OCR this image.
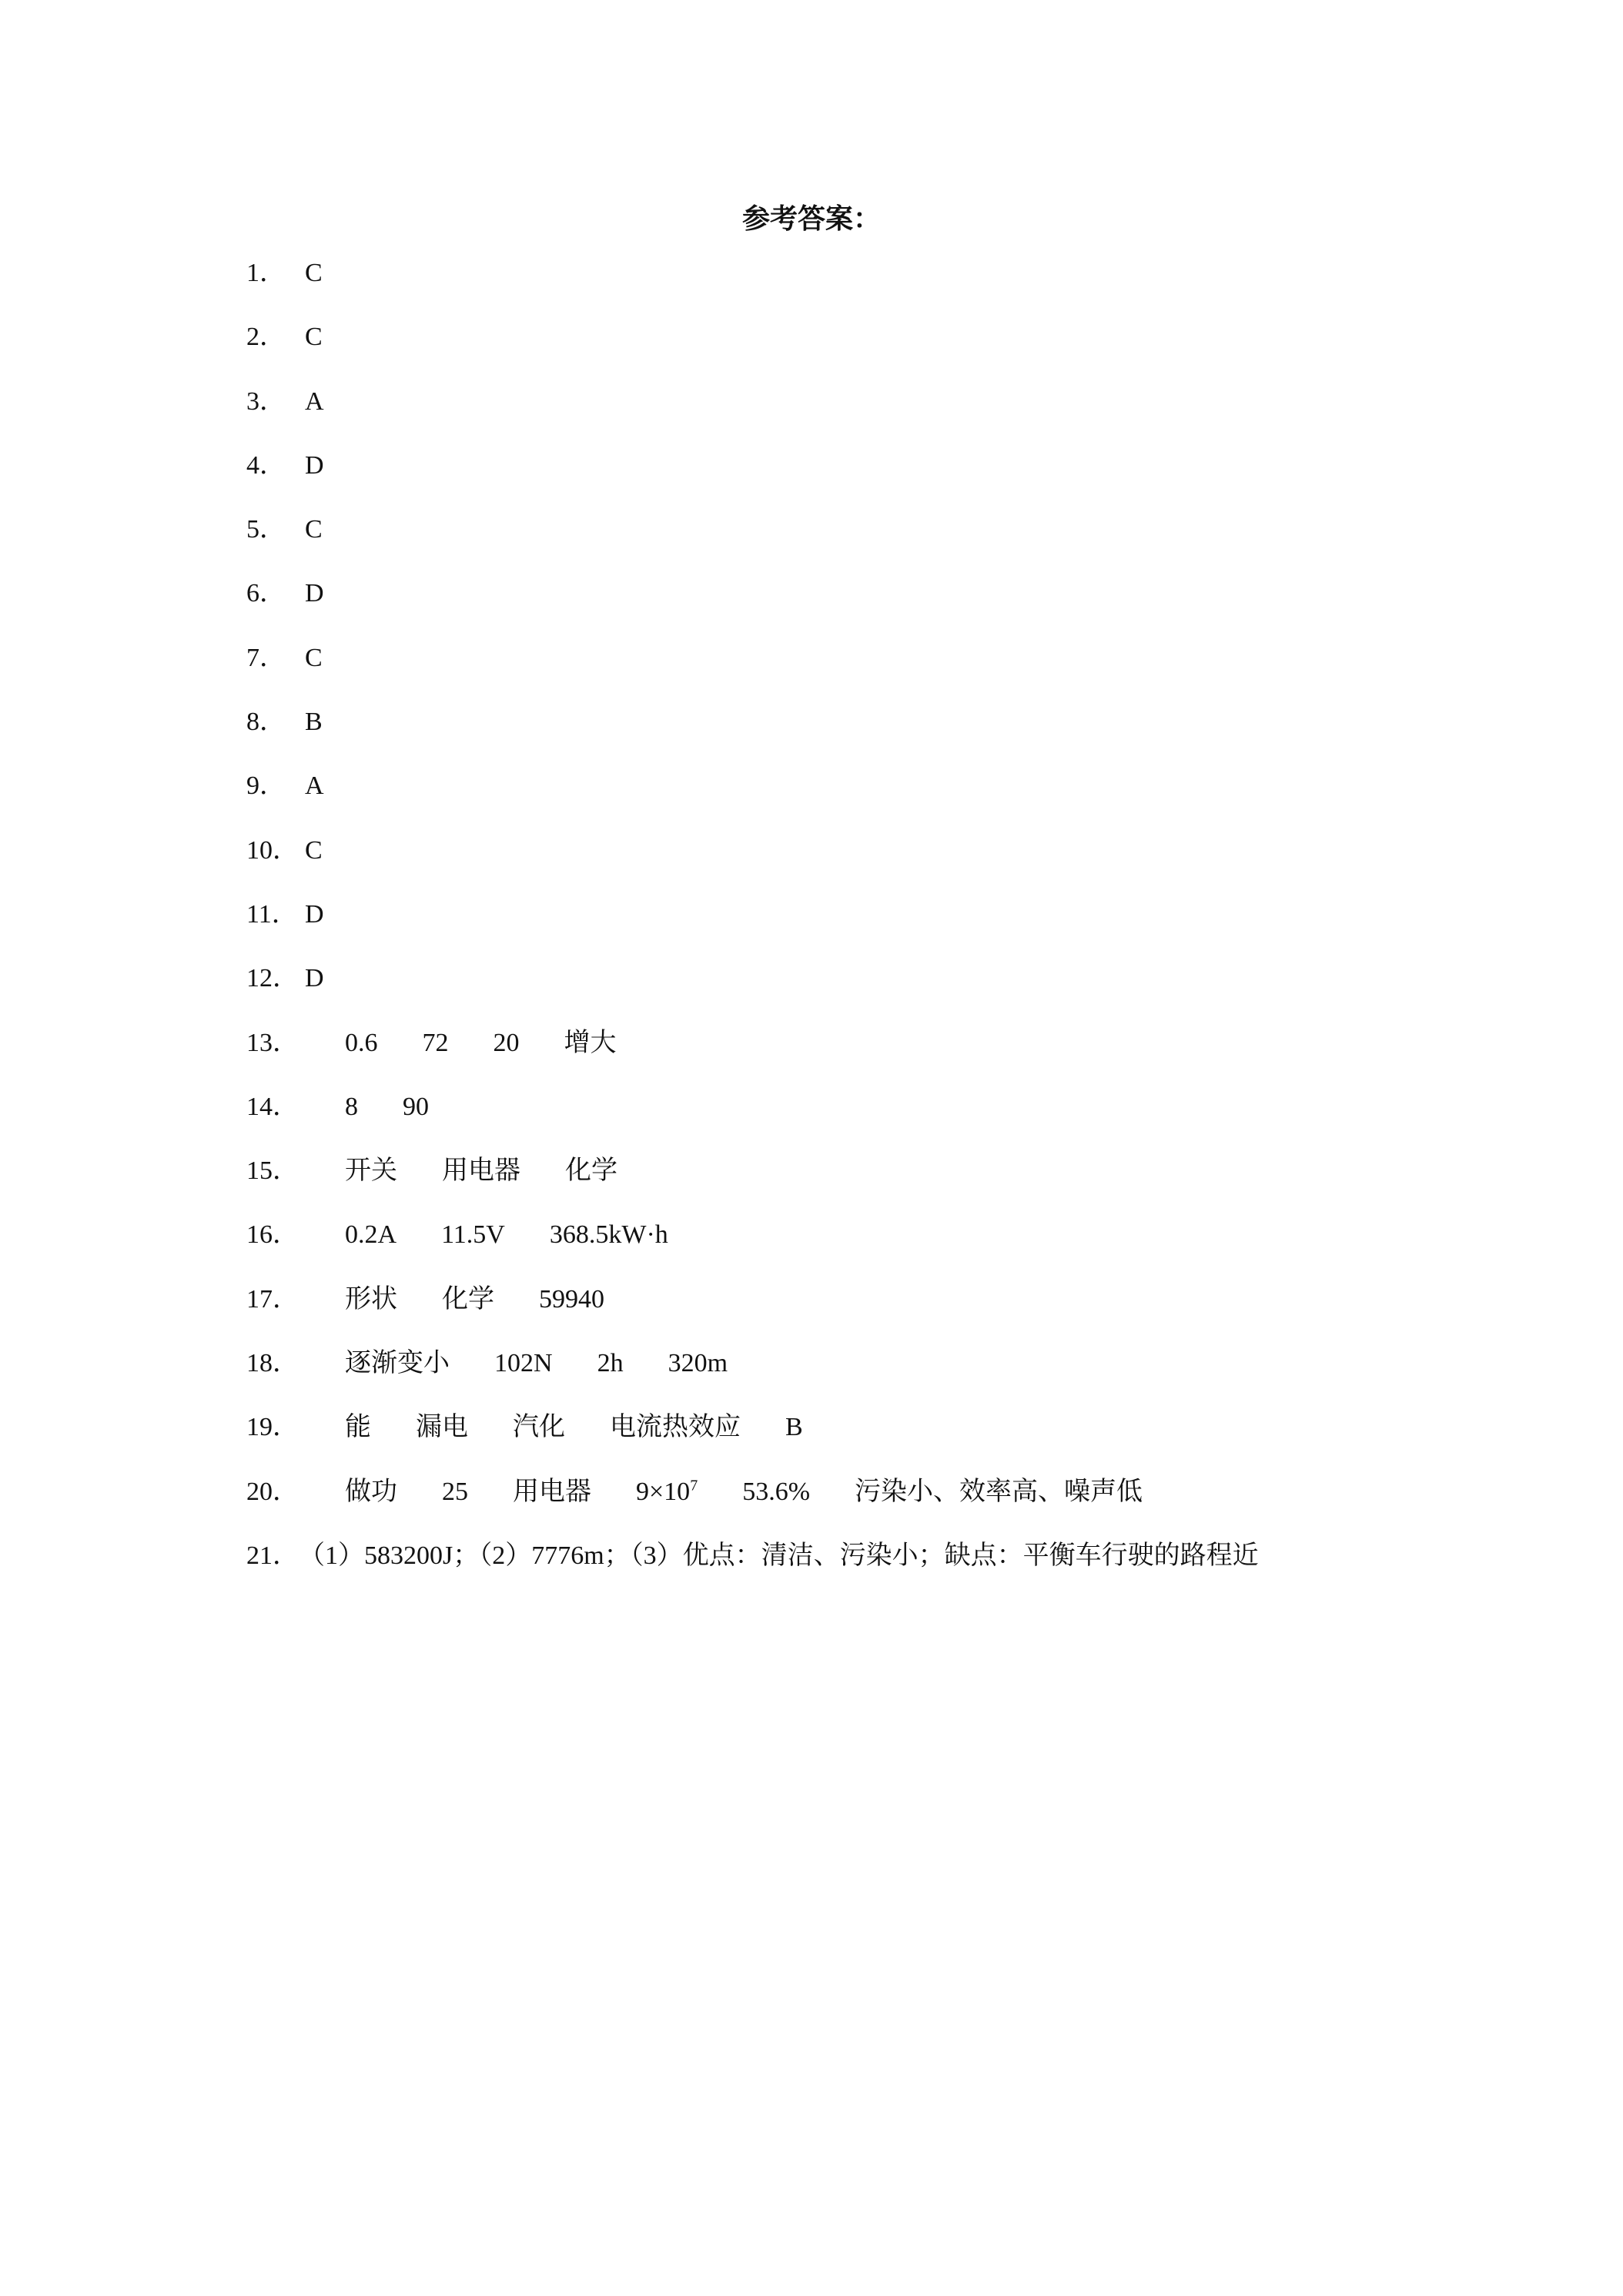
参考答案：
1． C
2． C
3． A
4． D
5． C
6． D
7． C
8． B
9． A
10． C
11． D
12． D
13．	0.6 72 20 增大
14．	8 90
15．	开关 用电器 化学
16．	0.2A 11.5V 368.5kW·h
17．	形状 化学 59940
18．	逐渐变小 102N 2h 320m
19．	能 漏电 汽化 电流热效应 B
20．	做功 25 用电器 $9\times 10^7$ 53.6% 污染小、效率高、噪声低
21． （1）583200J；（2）7776m；（3）优点：清洁、污染小；缺点：平衡车行驶的路程近
